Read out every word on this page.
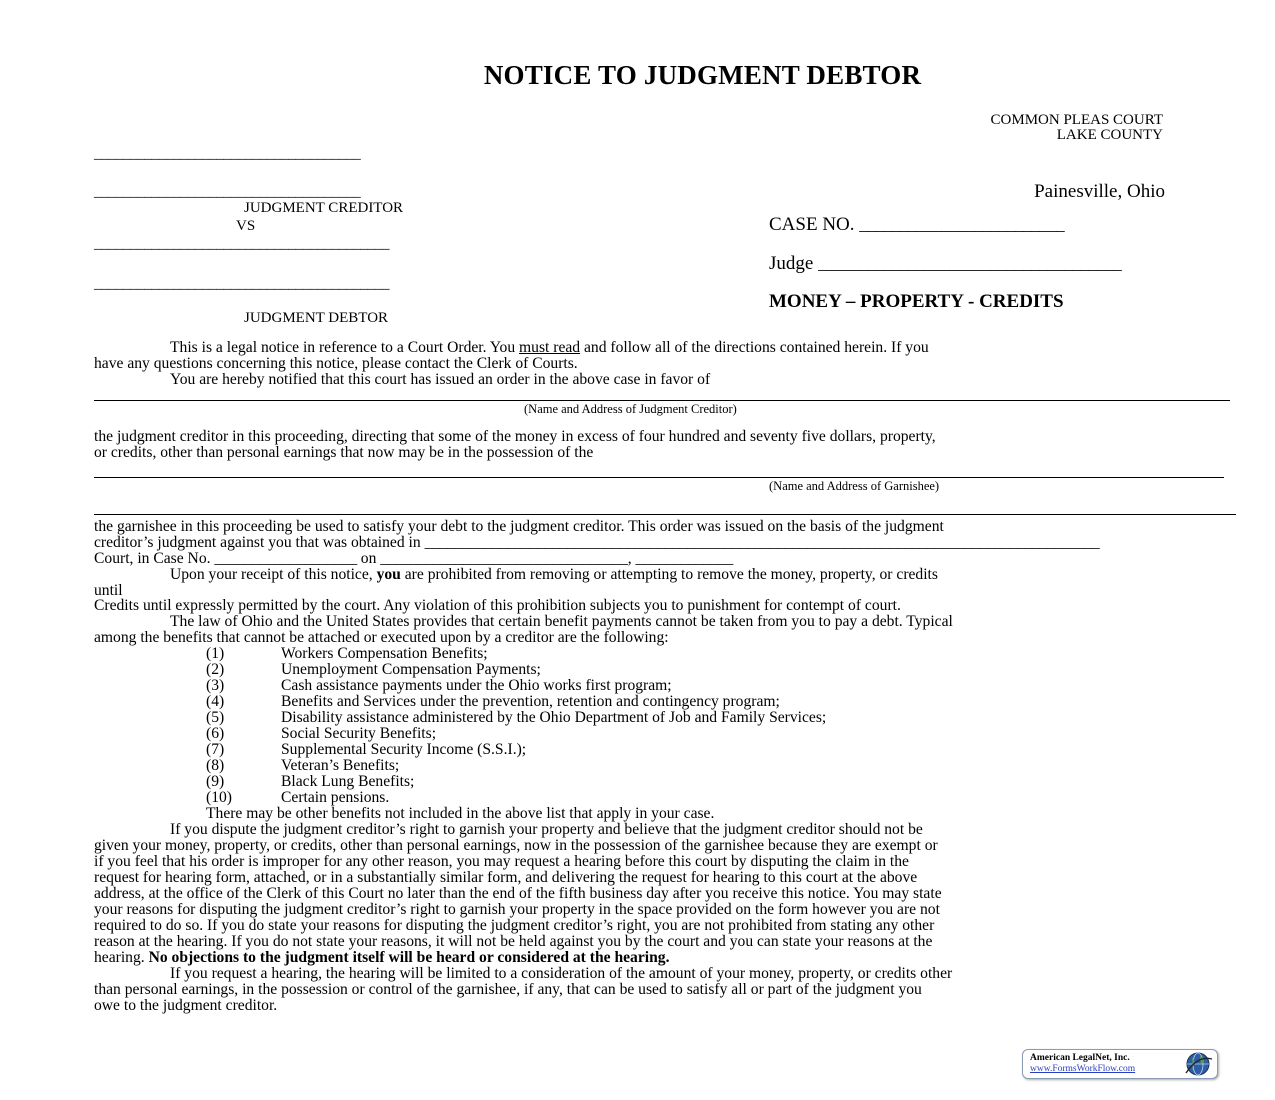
NOTICE TO JUDGMENT DEBTOR
COMMON PLEAS COURT
LAKE COUNTY
Painesville, Ohio
_____________________________________
_____________________________________
JUDGMENT CREDITOR
VS
_________________________________________
_________________________________________
JUDGMENT DEBTOR
CASE NO. _________________________
Judge _____________________________________
MONEY – PROPERTY - CREDITS
This is a legal notice in reference to a Court Order. You must read and follow all of the directions contained herein. If you
have any questions concerning this notice, please contact the Clerk of Courts.
You are hereby notified that this court has issued an order in the above case in favor of
(Name and Address of Judgment Creditor)
the judgment creditor in this proceeding, directing that some of the money in excess of four hundred and seventy five dollars, property,
or credits, other than personal earnings that now may be in the possession of the
(Name and Address of Garnishee)
the garnishee in this proceeding be used to satisfy your debt to the judgment creditor. This order was issued on the basis of the judgment
creditor’s judgment against you that was obtained in __________________________________________________________________________________________
Court, in Case No. ___________________ on _________________________________, _____________
Upon your receipt of this notice, you are prohibited from removing or attempting to remove the money, property, or credits
until
Credits until expressly permitted by the court. Any violation of this prohibition subjects you to punishment for contempt of court.
The law of Ohio and the United States provides that certain benefit payments cannot be taken from you to pay a debt. Typical
among the benefits that cannot be attached or executed upon by a creditor are the following:
(1)	Workers Compensation Benefits;
(2)	Unemployment Compensation Payments;
(3)	Cash assistance payments under the Ohio works first program;
(4)	Benefits and Services under the prevention, retention and contingency program;
(5)	Disability assistance administered by the Ohio Department of Job and Family Services;
(6)	Social Security Benefits;
(7)	Supplemental Security Income (S.S.I.);
(8)	Veteran’s Benefits;
(9)	Black Lung Benefits;
(10)	Certain pensions.
There may be other benefits not included in the above list that apply in your case.
If you dispute the judgment creditor’s right to garnish your property and believe that the judgment creditor should not be
given your money, property, or credits, other than personal earnings, now in the possession of the garnishee because they are exempt or
if you feel that his order is improper for any other reason, you may request a hearing before this court by disputing the claim in the
request for hearing form, attached, or in a substantially similar form, and delivering the request for hearing to this court at the above
address, at the office of the Clerk of this Court no later than the end of the fifth business day after you receive this notice. You may state
your reasons for disputing the judgment creditor’s right to garnish your property in the space provided on the form however you are not
required to do so. If you do state your reasons for disputing the judgment creditor’s right, you are not prohibited from stating any other
reason at the hearing. If you do not state your reasons, it will not be held against you by the court and you can state your reasons at the
hearing. No objections to the judgment itself will be heard or considered at the hearing.
If you request a hearing, the hearing will be limited to a consideration of the amount of your money, property, or credits other
than personal earnings, in the possession or control of the garnishee, if any, that can be used to satisfy all or part of the judgment you
owe to the judgment creditor.
American LegalNet, Inc.
www.FormsWorkFlow.com
